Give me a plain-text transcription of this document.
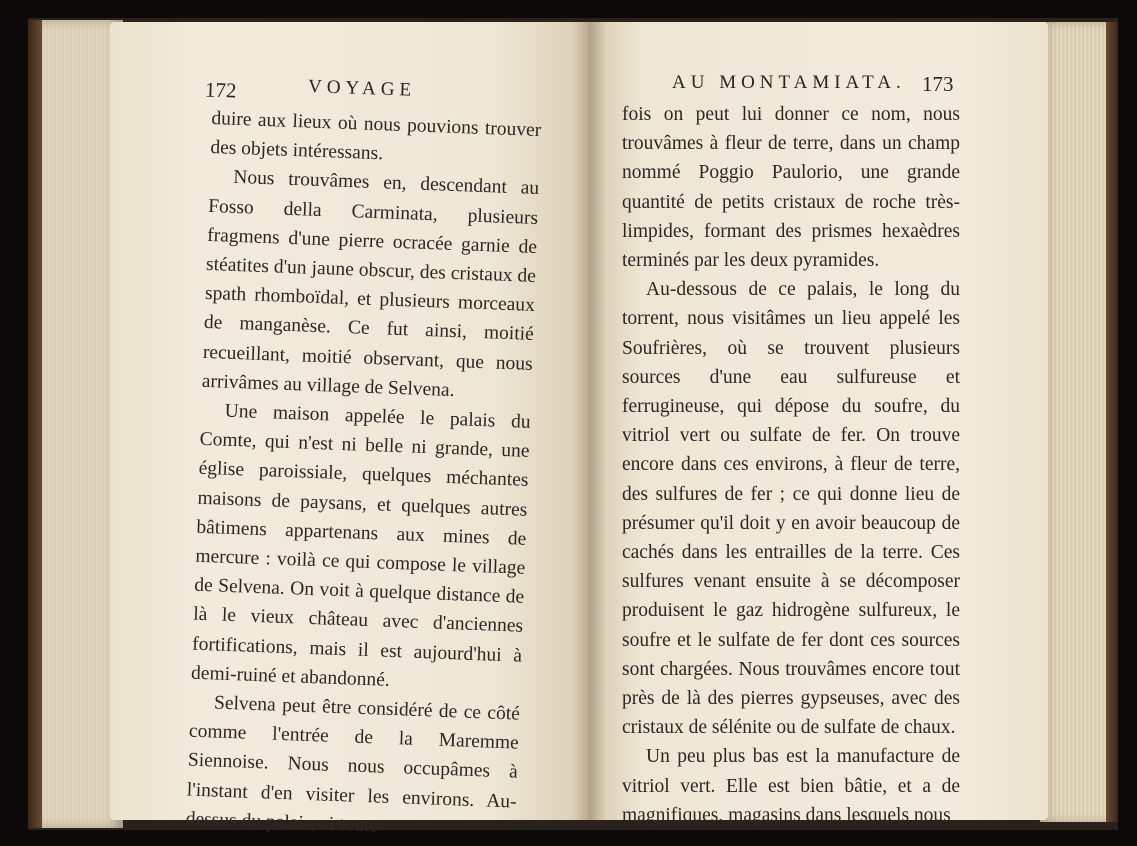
172	VOYAGE	AU MONTAMIATA. 173

duire aux lieux où nous pouvions trouver des objets intéressans.

Nous trouvâmes en, descendant au Fosso della Carminata, plusieurs fragmens d'une pierre ocracée garnie de stéatites d'un jaune obscur, des cristaux de spath rhomboïdal, et plusieurs morceaux de manganèse. Ce fut ainsi, moitié recueillant, moitié observant, que nous arrivâmes au village de Selvena.

Une maison appelée le palais du Comte, qui n'est ni belle ni grande, une église paroissiale, quelques méchantes maisons de paysans, et quelques autres bâtimens appartenans aux mines de mercure : voilà ce qui compose le village de Selvena. On voit à quelque distance de là le vieux château avec d'anciennes fortifications, mais il est aujourd'hui à demi-ruiné et abandonné.

Selvena peut être considéré de ce côté comme l'entrée de la Maremme Siennoise. Nous nous occupâmes à l'instant d'en visiter les environs. Au-dessus du palais, si toute-

fois on peut lui donner ce nom, nous trouvâmes à fleur de terre, dans un champ nommé Poggio Paulorio, une grande quantité de petits cristaux de roche très-limpides, formant des prismes hexaèdres terminés par les deux pyramides.

Au-dessous de ce palais, le long du torrent, nous visitâmes un lieu appelé les Soufrières, où se trouvent plusieurs sources d'une eau sulfureuse et ferrugineuse, qui dépose du soufre, du vitriol vert ou sulfate de fer. On trouve encore dans ces environs, à fleur de terre, des sulfures de fer ; ce qui donne lieu de présumer qu'il doit y en avoir beaucoup de cachés dans les entrailles de la terre. Ces sulfures venant ensuite à se décomposer produisent le gaz hidrogène sulfureux, le soufre et le sulfate de fer dont ces sources sont chargées. Nous trouvâmes encore tout près de là des pierres gypseuses, avec des cristaux de sélénite ou de sulfate de chaux.

Un peu plus bas est la manufacture de vitriol vert. Elle est bien bâtie, et a de magnifiques, magasins dans lesquels nous
